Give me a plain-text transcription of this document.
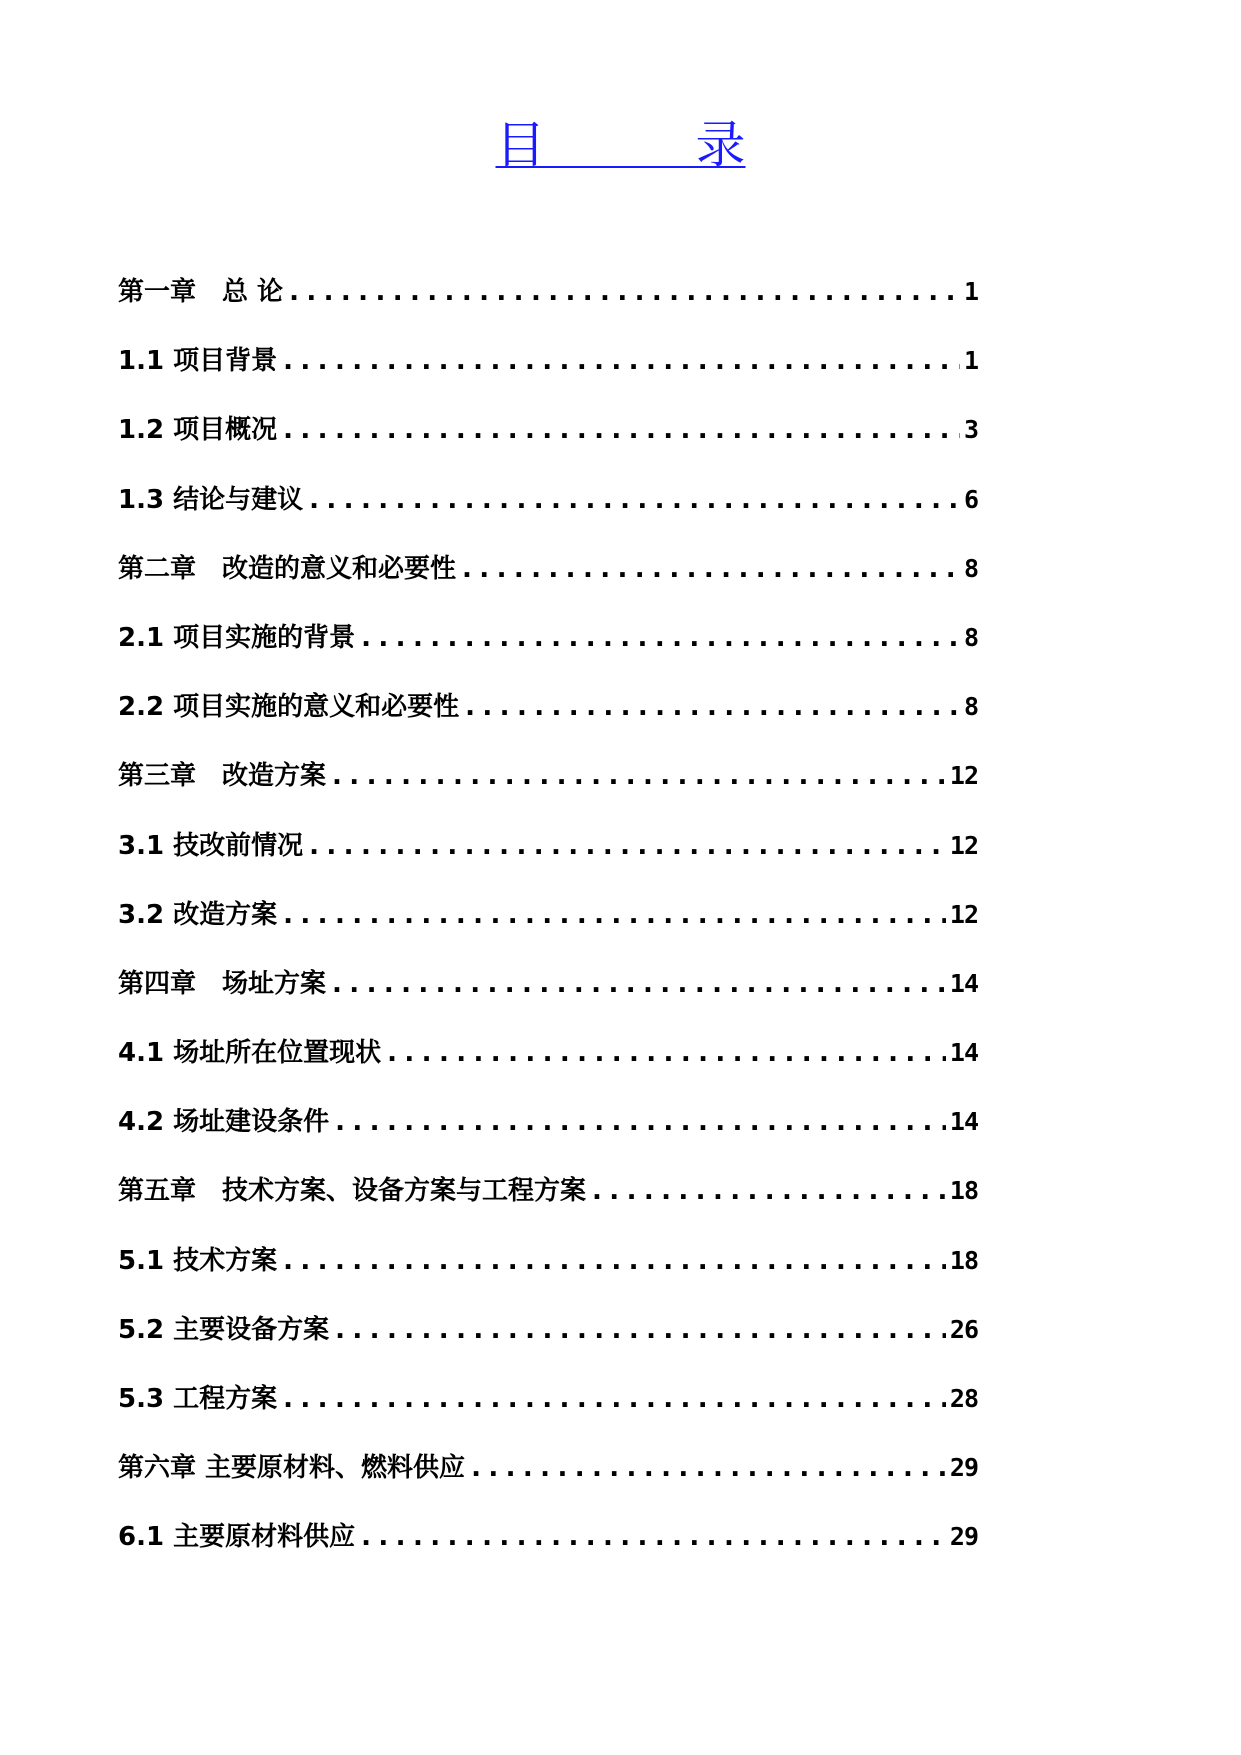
目　　　录
第一章　总 论 .....	1
1.1 项目背景 .....	1
1.2 项目概况 .....	3
1.3 结论与建议 .....	6
第二章　改造的意义和必要性 .....	8
2.1 项目实施的背景 .....	8
2.2 项目实施的意义和必要性 .....	8
第三章　改造方案 .....	12
3.1 技改前情况 .....	12
3.2 改造方案 .....	12
第四章　场址方案 .....	14
4.1 场址所在位置现状 .....	14
4.2 场址建设条件 .....	14
第五章　技术方案、设备方案与工程方案 .....	18
5.1 技术方案 .....	18
5.2 主要设备方案 .....	26
5.3 工程方案 .....	28
第六章 主要原材料、燃料供应 .....	29
6.1 主要原材料供应 .....	29
